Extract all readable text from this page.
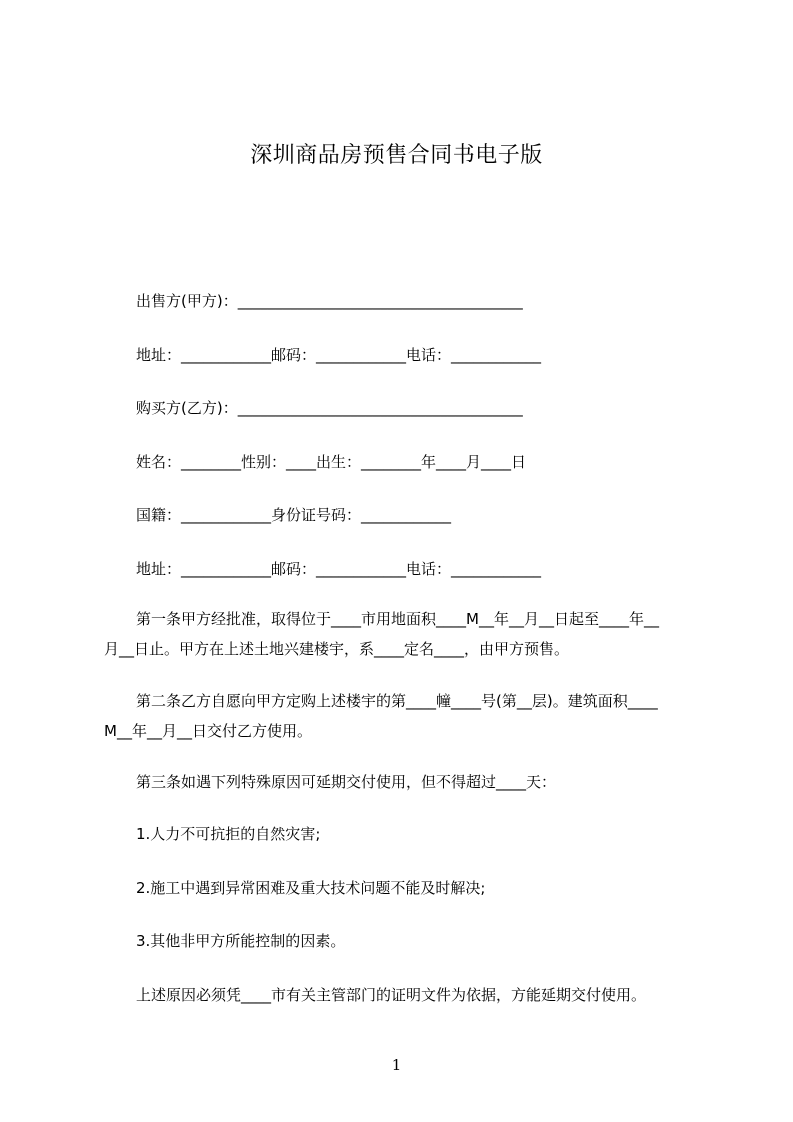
深圳商品房预售合同书电子版
出售方(甲方)：______________________________________
地址：____________邮码：____________电话：____________
购买方(乙方)：______________________________________
姓名：________性别：____出生：________年____月____日
国籍：____________身份证号码：____________
地址：____________邮码：____________电话：____________
第一条甲方经批准，取得位于____市用地面积____M__年__月__日起至____年__
月__日止。甲方在上述土地兴建楼宇，系____定名____，由甲方预售。
第二条乙方自愿向甲方定购上述楼宇的第____幢____号(第__层)。建筑面积____
M__年__月__日交付乙方使用。
第三条如遇下列特殊原因可延期交付使用，但不得超过____天：
1.人力不可抗拒的自然灾害;
2.施工中遇到异常困难及重大技术问题不能及时解决;
3.其他非甲方所能控制的因素。
上述原因必须凭____市有关主管部门的证明文件为依据，方能延期交付使用。
1
